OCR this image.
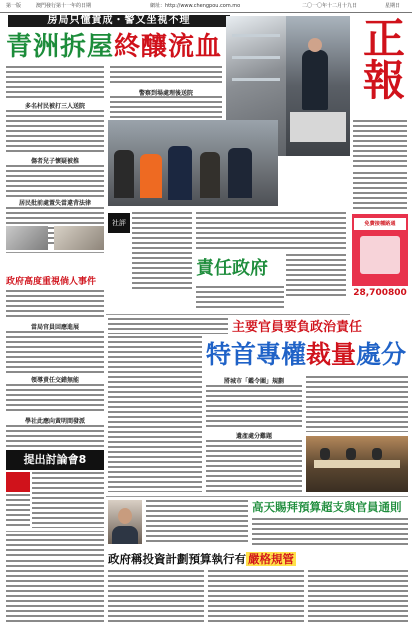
第一版	澳門發行第十一年的日期	網址：http://www.chengpou.com.mo	二〇一〇年十二月十九日	星期日
房局只懂責成・警又坐視不理
青洲拆屋終釀流血
多名村民被打三人送院
傷者兒子懷疑被推
居民批前處置失當違背法律
警察到場處理後送院	正報
免費接種路通
28,700800
社評
責任政府
政府高度重視倘人事件
當局官員回應進展
領導責任交錯無能
學社此應向黃明間發派
提出討論會8
主要官員要負政治責任
特首專權裁量處分
將城市「鑑令圍」規劃
遺產處分難題
高天賜拜預算超支與官員通則
政府稱投資計劃預算執行有 嚴格規管
